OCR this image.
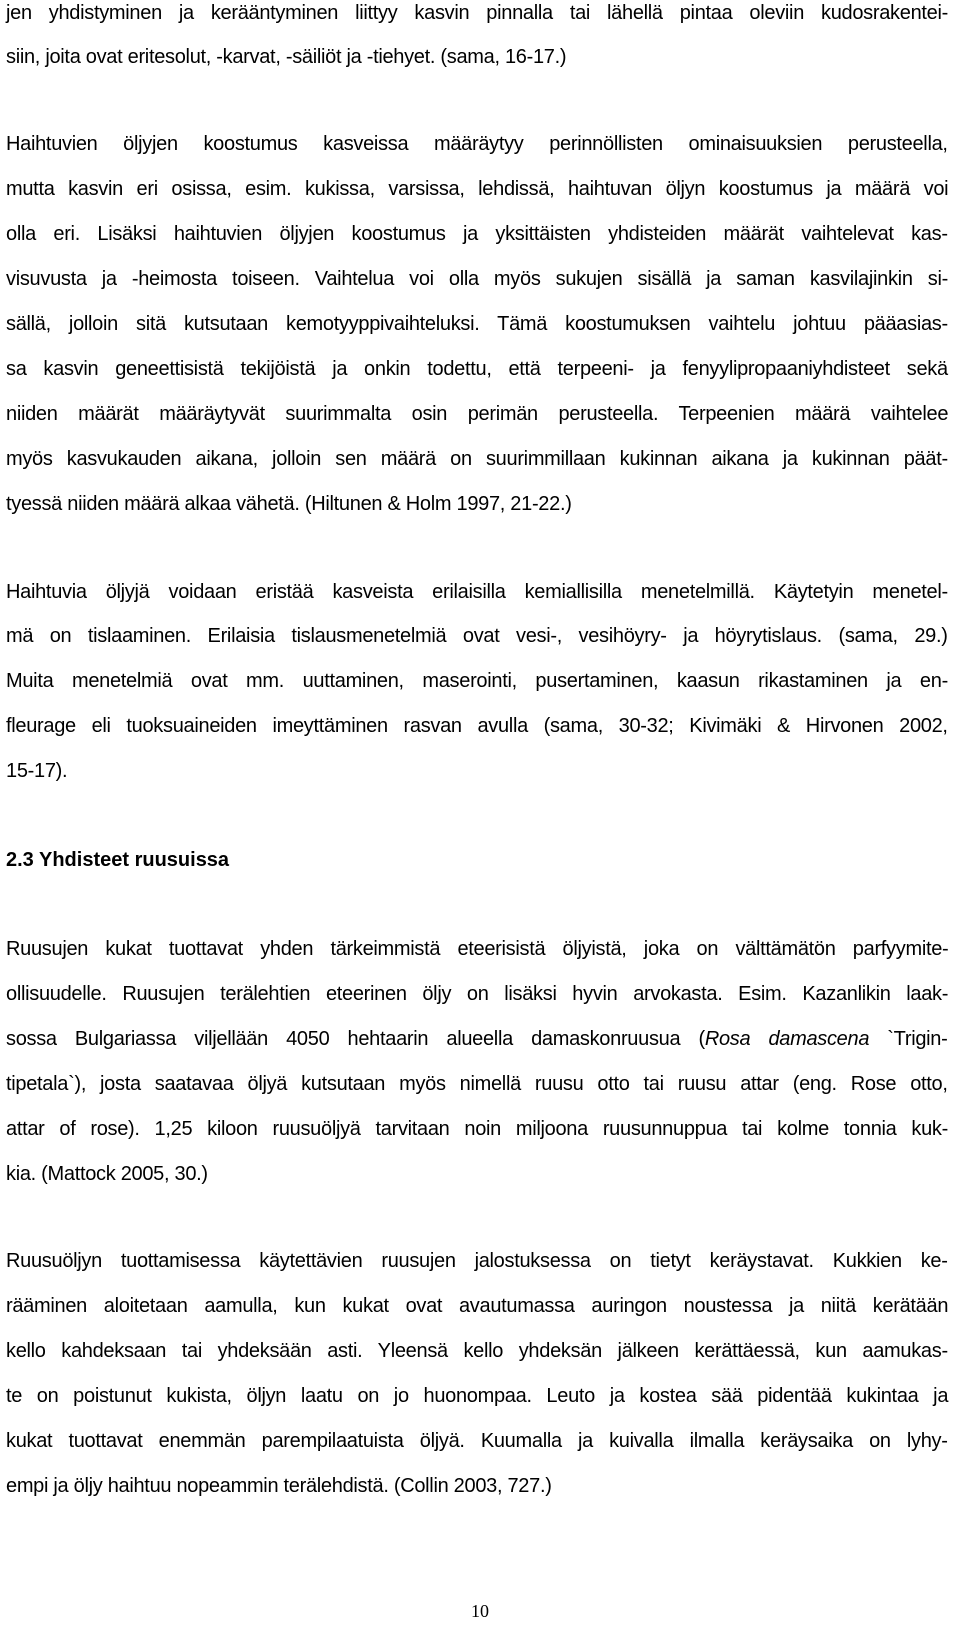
jen yhdistyminen ja kerääntyminen liittyy kasvin pinnalla tai lähellä pintaa oleviin kudosrakentei-
siin, joita ovat eritesolut, -karvat, -säiliöt ja -tiehyet. (sama, 16-17.)
Haihtuvien öljyjen koostumus kasveissa määräytyy perinnöllisten ominaisuuksien perusteella,
mutta kasvin eri osissa, esim. kukissa, varsissa, lehdissä, haihtuvan öljyn koostumus ja määrä voi
olla eri. Lisäksi haihtuvien öljyjen koostumus ja yksittäisten yhdisteiden määrät vaihtelevat kas-
visuvusta ja -heimosta toiseen. Vaihtelua voi olla myös sukujen sisällä ja saman kasvilajinkin si-
sällä, jolloin sitä kutsutaan kemotyyppivaihteluksi. Tämä koostumuksen vaihtelu johtuu pääasias-
sa kasvin geneettisistä tekijöistä ja onkin todettu, että terpeeni- ja fenyylipropaaniyhdisteet sekä
niiden määrät määräytyvät suurimmalta osin perimän perusteella. Terpeenien määrä vaihtelee
myös kasvukauden aikana, jolloin sen määrä on suurimmillaan kukinnan aikana ja kukinnan päät-
tyessä niiden määrä alkaa vähetä. (Hiltunen & Holm 1997, 21-22.)
Haihtuvia öljyjä voidaan eristää kasveista erilaisilla kemiallisilla menetelmillä. Käytetyin menetel-
mä on tislaaminen. Erilaisia tislausmenetelmiä ovat vesi-, vesihöyry- ja höyrytislaus. (sama, 29.)
Muita menetelmiä ovat mm. uuttaminen, maserointi, pusertaminen, kaasun rikastaminen ja en-
fleurage eli tuoksuaineiden imeyttäminen rasvan avulla (sama, 30-32; Kivimäki & Hirvonen 2002,
15-17).
2.3 Yhdisteet ruusuissa
Ruusujen kukat tuottavat yhden tärkeimmistä eteerisistä öljyistä, joka on välttämätön parfyymite-
ollisuudelle. Ruusujen terälehtien eteerinen öljy on lisäksi hyvin arvokasta. Esim. Kazanlikin laak-
sossa Bulgariassa viljellään 4050 hehtaarin alueella damaskonruusua (Rosa damascena `Trigin-
tipetala`), josta saatavaa öljyä kutsutaan myös nimellä ruusu otto tai ruusu attar (eng. Rose otto,
attar of rose). 1,25 kiloon ruusuöljyä tarvitaan noin miljoona ruusunnuppua tai kolme tonnia kuk-
kia. (Mattock 2005, 30.)
Ruusuöljyn tuottamisessa käytettävien ruusujen jalostuksessa on tietyt keräystavat. Kukkien ke-
rääminen aloitetaan aamulla, kun kukat ovat avautumassa auringon noustessa ja niitä kerätään
kello kahdeksaan tai yhdeksään asti. Yleensä kello yhdeksän jälkeen kerättäessä, kun aamukas-
te on poistunut kukista, öljyn laatu on jo huonompaa. Leuto ja kostea sää pidentää kukintaa ja
kukat tuottavat enemmän parempilaatuista öljyä. Kuumalla ja kuivalla ilmalla keräysaika on lyhy-
empi ja öljy haihtuu nopeammin terälehdistä. (Collin 2003, 727.)
10
